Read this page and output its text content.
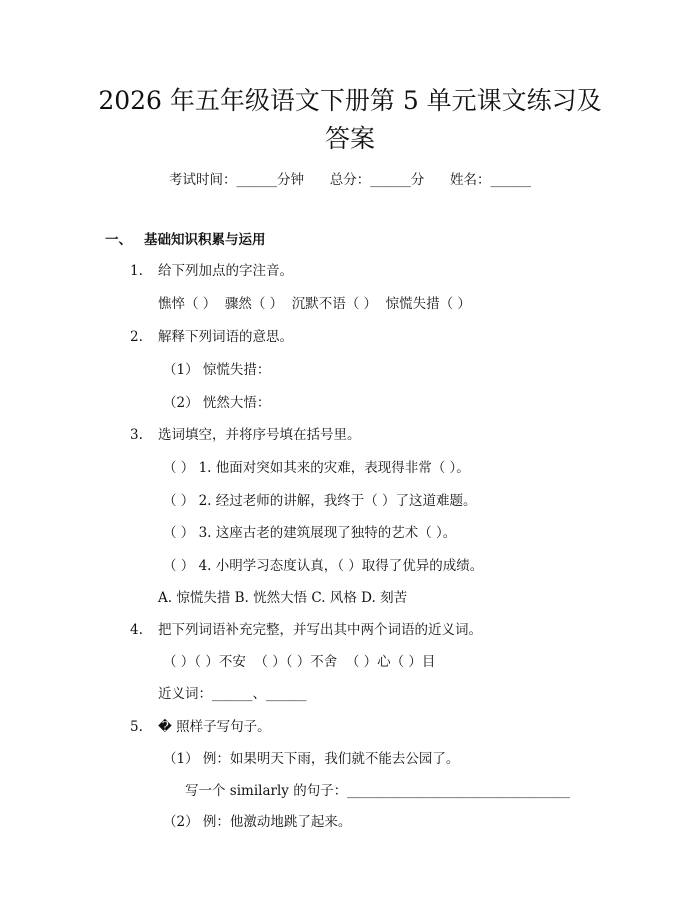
2026 年五年级语文下册第 5 单元课文练习及
答案
考试时间：______分钟      总分：______分      姓名：______
一、 基础知识积累与运用
1. 给下列加点的字注音。
憔悴（ ）  骤然（ ）  沉默不语（ ）  惊慌失措（ ）
2. 解释下列词语的意思。
（1） 惊慌失措：
（2） 恍然大悟：
3. 选词填空，并将序号填在括号里。
（ ） 1. 他面对突如其来的灾难，表现得非常（ ）。
（ ） 2. 经过老师的讲解，我终于（ ）了这道难题。
（ ） 3. 这座古老的建筑展现了独特的艺术（ ）。
（ ） 4. 小明学习态度认真，（ ）取得了优异的成绩。
A. 惊慌失措 B. 恍然大悟 C. 风格 D. 刻苦
4. 把下列词语补充完整，并写出其中两个词语的近义词。
（ ）（ ）不安  （ ）（ ）不舍  （ ）心（ ）目
近义词：______、______
5. � 照样子写句子。
（1） 例：如果明天下雨，我们就不能去公园了。
写一个 similarly 的句子：_________________________________
（2） 例：他激动地跳了起来。
